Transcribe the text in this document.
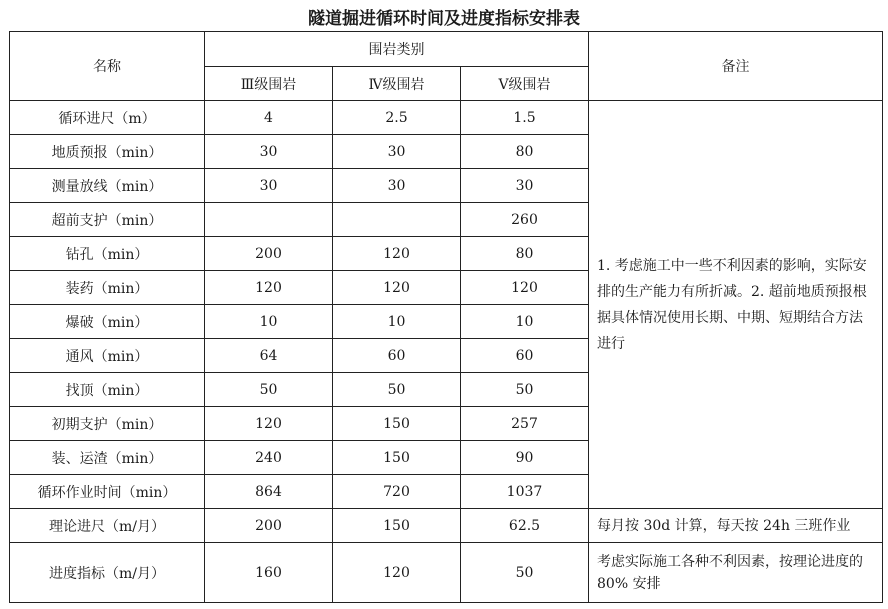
隧道掘进循环时间及进度指标安排表
名称	围岩类别			备注
	Ⅲ级围岩	Ⅳ级围岩	Ⅴ级围岩	
循环进尺（m）	4	2.5	1.5	1. 考虑施工中一些不利因素的影响，实际安排的生产能力有所折减。2. 超前地质预报根据具体情况使用长期、中期、短期结合方法进行
地质预报（min）	30	30	80	
测量放线（min）	30	30	30	
超前支护（min）			260	
钻孔（min）	200	120	80	
装药（min）	120	120	120	
爆破（min）	10	10	10	
通风（min）	64	60	60	
找顶（min）	50	50	50	
初期支护（min）	120	150	257	
装、运渣（min）	240	150	90	
循环作业时间（min）	864	720	1037	
理论进尺（m/月）	200	150	62.5	每月按 30d 计算，每天按 24h 三班作业
进度指标（m/月）	160	120	50	考虑实际施工各种不利因素，按理论进度的 80% 安排
